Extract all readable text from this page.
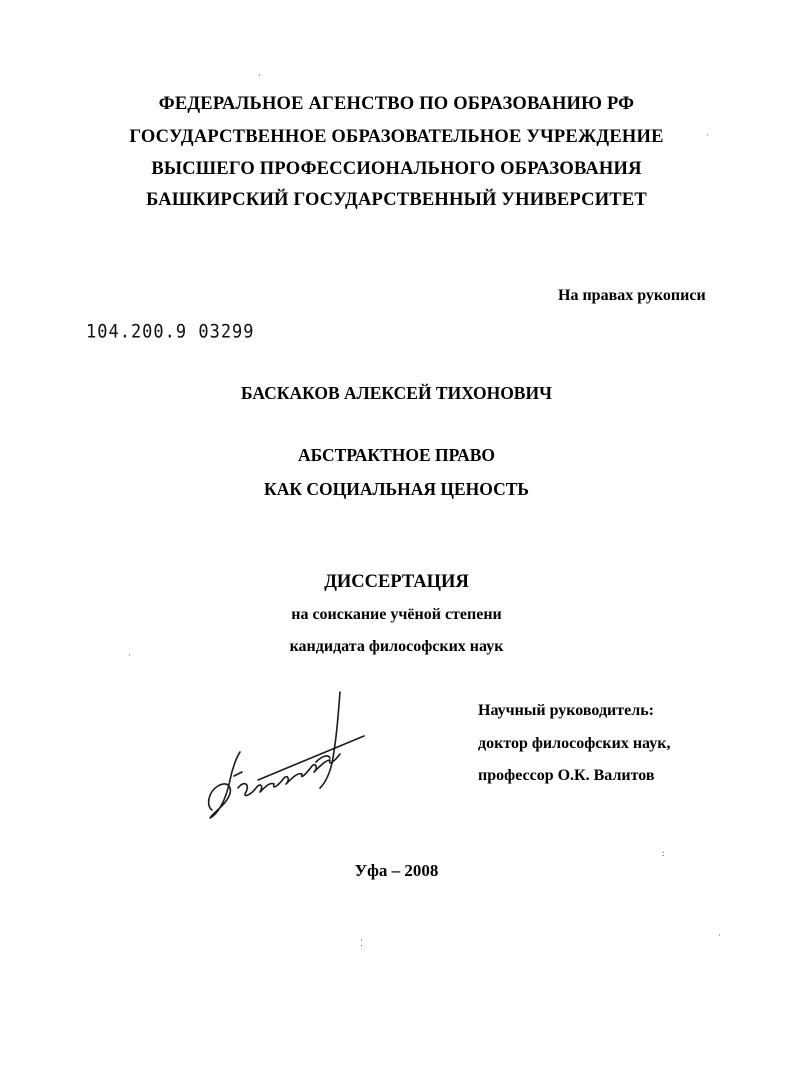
ФЕДЕРАЛЬНОЕ АГЕНСТВО ПО ОБРАЗОВАНИЮ РФ
ГОСУДАРСТВЕННОЕ ОБРАЗОВАТЕЛЬНОЕ УЧРЕЖДЕНИЕ
ВЫСШЕГО ПРОФЕССИОНАЛЬНОГО ОБРАЗОВАНИЯ
БАШКИРСКИЙ ГОСУДАРСТВЕННЫЙ УНИВЕРСИТЕТ
На правах рукописи
104.200.9 03299
БАСКАКОВ АЛЕКСЕЙ ТИХОНОВИЧ
АБСТРАКТНОЕ ПРАВО
КАК СОЦИАЛЬНАЯ ЦЕНОСТЬ
ДИССЕРТАЦИЯ
на соискание учёной степени
кандидата философских наук
Научный руководитель:
доктор философских наук,
профессор О.К. Валитов
Уфа – 2008
·
·
:
·
⁚
·
